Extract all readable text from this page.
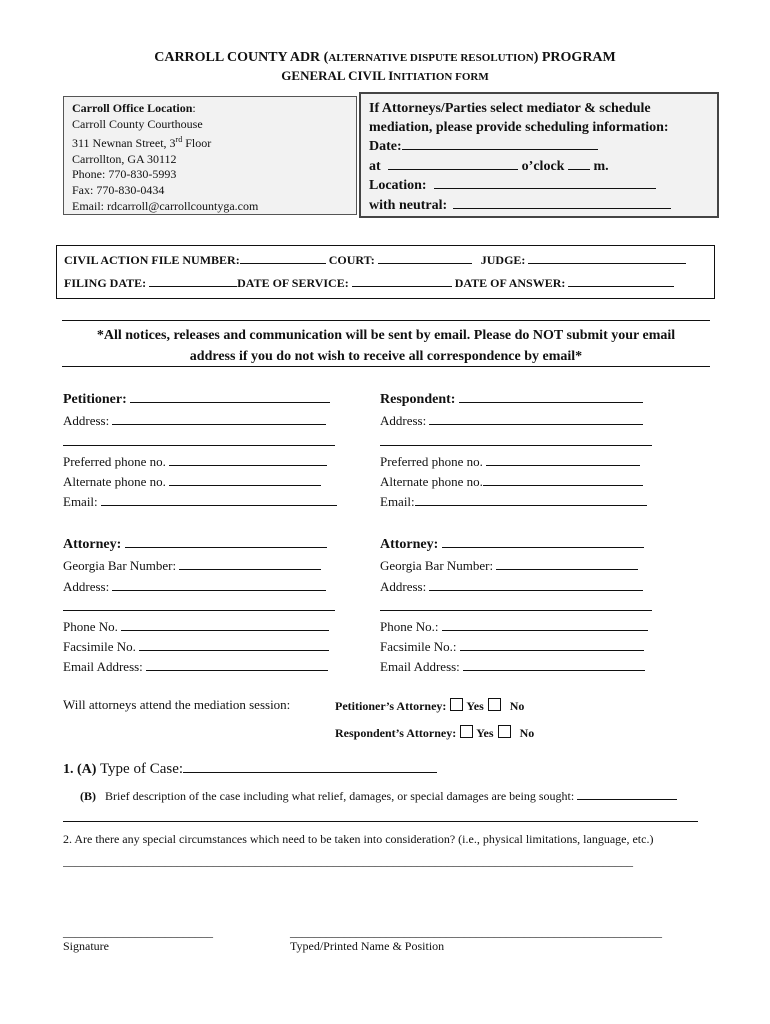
CARROLL COUNTY ADR (ALTERNATIVE DISPUTE RESOLUTION) PROGRAM
GENERAL CIVIL INITIATION FORM
Carroll Office Location:
Carroll County Courthouse
311 Newnan Street, 3rd Floor
Carrollton, GA 30112
Phone: 770-830-5993
Fax: 770-830-0434
Email: rdcarroll@carrollcountyga.com
If Attorneys/Parties select mediator & schedule
mediation, please provide scheduling information:
Date:
at	o’clock m.
Location:
with neutral:
CIVIL ACTION FILE NUMBER:	COURT:	JUDGE:
FILING DATE:	DATE OF SERVICE:	DATE OF ANSWER:
*All notices, releases and communication will be sent by email. Please do NOT submit your email
address if you do not wish to receive all correspondence by email*
Petitioner:
Address:
Preferred phone no.
Alternate phone no.
Email:
Respondent:
Address:
Preferred phone no.
Alternate phone no.
Email:
Attorney:
Georgia Bar Number:
Address:
Phone No.
Facsimile No.
Email Address:
Attorney:
Georgia Bar Number:
Address:
Phone No.:
Facsimile No.:
Email Address:
Will attorneys attend the mediation session:	Petitioner’s Attorney: Yes No
Respondent’s Attorney: Yes No
1. (A) Type of Case:
(B) Brief description of the case including what relief, damages, or special damages are being sought:
2. Are there any special circumstances which need to be taken into consideration? (i.e., physical limitations, language, etc.)
_______________________________________________________________________________________________
_________________________
Signature
______________________________________________________________
Typed/Printed Name & Position
